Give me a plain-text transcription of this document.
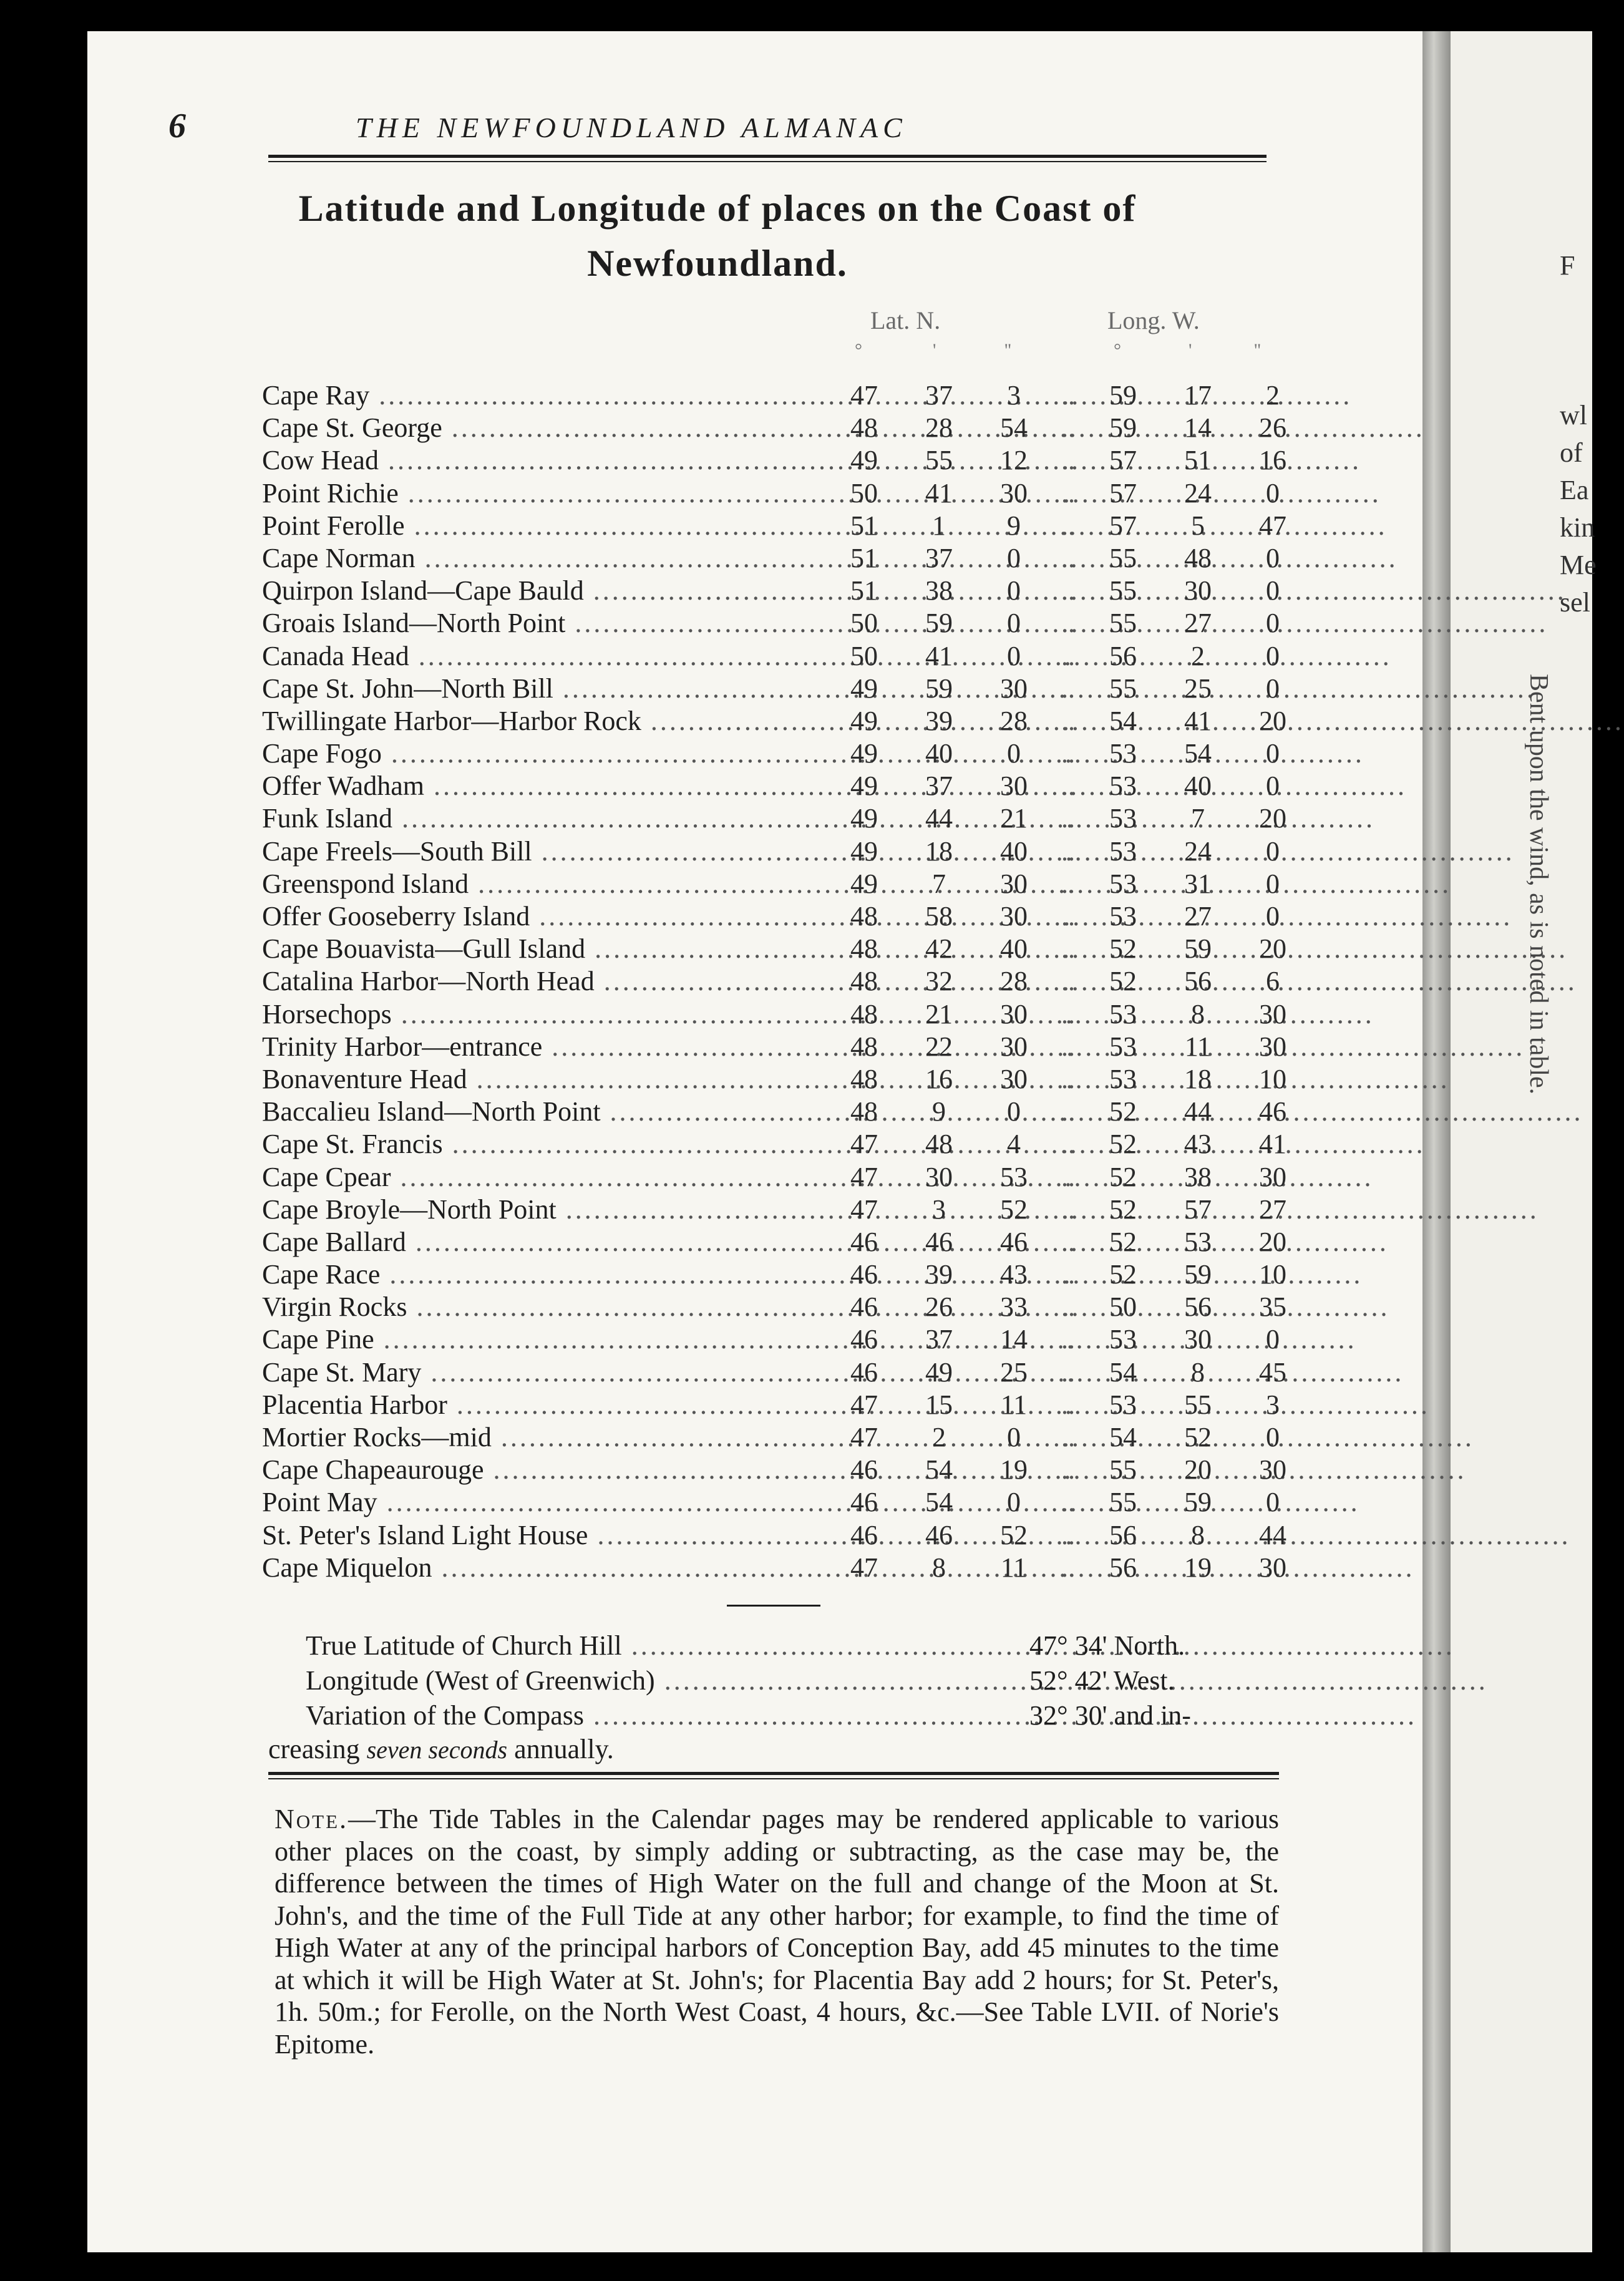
6	THE NEWFOUNDLAND ALMANAC
Latitude and Longitude of places on the Coast of
Newfoundland.
Lat. N.	Long. W.
°	'	''	°	'	''
Cape Ray .....	47	37	3	59	17	2
..
Cape St. George .....	48	28	54	59	14	26
..
Cow Head .....	49	55	12	57	51	16
..
Point Richie .....	50	41	30	57	24	0
..
Point Ferolle .....	51	1	9	57	5	47
..
Cape Norman .....	51	37	0	55	48	0
..
Quirpon Island—Cape Bauld .....	51	38	0	55	30	0
..
Groais Island—North Point .....	50	59	0	55	27	0
..
Canada Head .....	50	41	0	56	2	0
..
Cape St. John—North Bill .....	49	59	30	55	25	0
..
Twillingate Harbor—Harbor Rock .....	49	39	28	54	41	20
..
Cape Fogo .....	49	40	0	53	54	0
..
Offer Wadham .....	49	37	30	53	40	0
..
Funk Island .....	49	44	21	53	7	20
..
Cape Freels—South Bill .....	49	18	40	53	24	0
..
Greenspond Island .....	49	7	30	53	31	0
..
Offer Gooseberry Island .....	48	58	30	53	27	0
..
Cape Bouavista—Gull Island .....	48	42	40	52	59	20
..
Catalina Harbor—North Head .....	48	32	28	52	56	6
..
Horsechops .....	48	21	30	53	8	30
..
Trinity Harbor—entrance .....	48	22	30	53	11	30
..
Bonaventure Head .....	48	16	30	53	18	10
..
Baccalieu Island—North Point .....	48	9	0	52	44	46
..
Cape St. Francis .....	47	48	4	52	43	41
..
Cape Cpear .....	47	30	53	52	38	30
..
Cape Broyle—North Point .....	47	3	52	52	57	27
..
Cape Ballard .....	46	46	46	52	53	20
..
Cape Race .....	46	39	43	52	59	10
..
Virgin Rocks .....	46	26	33	50	56	35
..
Cape Pine .....	46	37	14	53	30	0
..
Cape St. Mary .....	46	49	25	54	8	45
..
Placentia Harbor .....	47	15	11	53	55	3
..
Mortier Rocks—mid .....	47	2	0	54	52	0
..
Cape Chapeaurouge .....	46	54	19	55	20	30
..
Point May .....	46	54	0	55	59	0
..
St. Peter's Island Light House .....	46	46	52	56	8	44
..
Cape Miquelon .....	47	8	11	56	19	30
..
True Latitude of Church Hill .....	47° 34' North.
Longitude (West of Greenwich) .....	52° 42' West.
Variation of the Compass .....	32° 30' and in-
creasing seven seconds annually.
Note.—The Tide Tables in the Calendar pages may be rendered applicable to various other places on the coast, by simply adding or subtracting, as the case may be, the difference between the times of High Water on the full and change of the Moon at St. John's, and the time of the Full Tide at any other harbor; for example, to find the time of High Water at any of the principal harbors of Conception Bay, add 45 minutes to the time at which it will be High Water at St. John's; for Placentia Bay add 2 hours; for St. Peter's, 1h. 50m.; for Ferolle, on the North West Coast, 4 hours, &c.—See Table LVII. of Norie's Epitome.
F
wl
of
Ea
kin
Me
sel
Bent upon the wind, as is noted in table.
